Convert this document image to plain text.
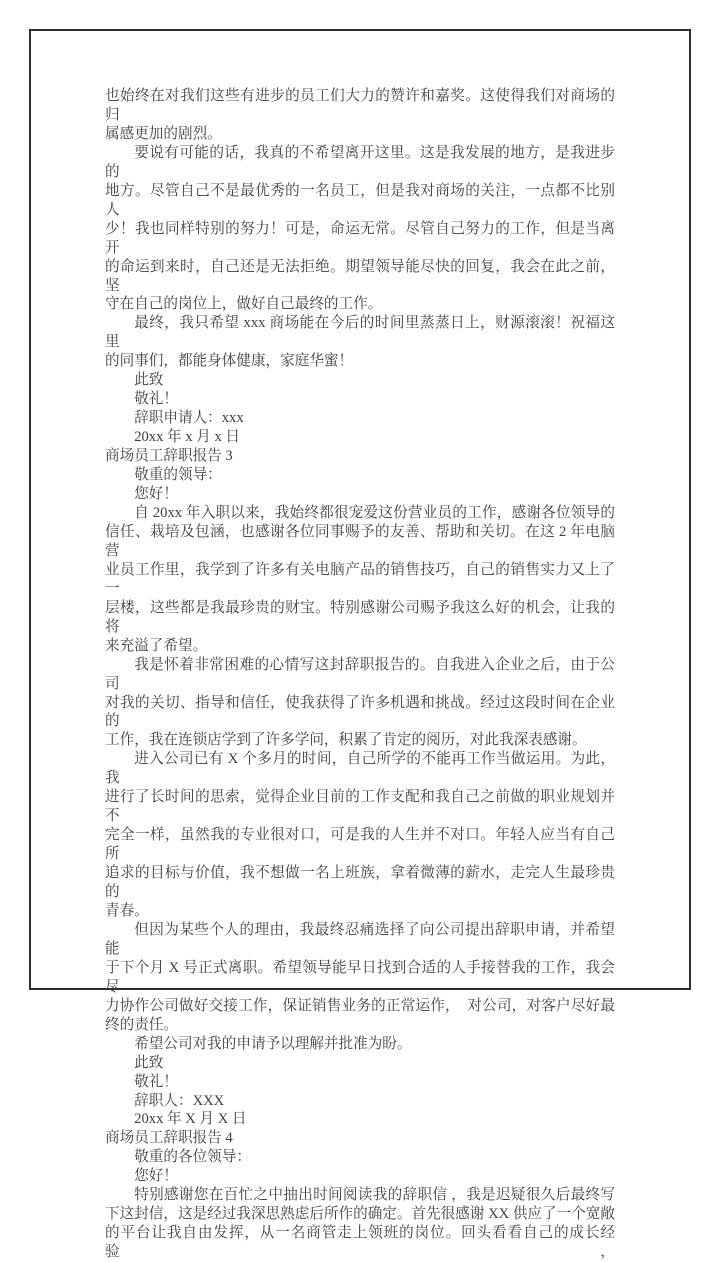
也始终在对我们这些有进步的员工们大力的赞许和嘉奖。这使得我们对商场的归
属感更加的剧烈。
要说有可能的话，我真的不希望离开这里。这是我发展的地方，是我进步的
地方。尽管自己不是最优秀的一名员工，但是我对商场的关注，一点都不比别人
少！我也同样特别的努力！可是，命运无常。尽管自己努力的工作，但是当离开
的命运到来时，自己还是无法拒绝。期望领导能尽快的回复，我会在此之前，坚
守在自己的岗位上，做好自己最终的工作。
最终，我只希望 xxx 商场能在今后的时间里蒸蒸日上，财源滚滚！祝福这里
的同事们，都能身体健康，家庭华蜜！
此致
敬礼！
辞职申请人：xxx
20xx 年 x 月 x 日
商场员工辞职报告 3
敬重的领导：
您好！
自 20xx 年入职以来，我始终都很宠爱这份营业员的工作，感谢各位领导的
信任、栽培及包涵，也感谢各位同事赐予的友善、帮助和关切。在这 2 年电脑营
业员工作里，我学到了许多有关电脑产品的销售技巧，自己的销售实力又上了一
层楼，这些都是我最珍贵的财宝。特别感谢公司赐予我这么好的机会，让我的将
来充溢了希望。
我是怀着非常困难的心情写这封辞职报告的。自我进入企业之后，由于公司
对我的关切、指导和信任，使我获得了许多机遇和挑战。经过这段时间在企业的
工作，我在连锁店学到了许多学问，积累了肯定的阅历，对此我深表感谢。
进入公司已有 X 个多月的时间，自己所学的不能再工作当做运用。为此，我
进行了长时间的思索，觉得企业目前的工作支配和我自己之前做的职业规划并不
完全一样，虽然我的专业很对口，可是我的人生并不对口。年轻人应当有自己所
追求的目标与价值，我不想做一名上班族，拿着微薄的薪水，走完人生最珍贵的
青春。
但因为某些个人的理由，我最终忍痛选择了向公司提出辞职申请，并希望能
于下个月 X 号正式离职。希望领导能早日找到合适的人手接替我的工作，我会尽
力协作公司做好交接工作，保证销售业务的正常运作，　对公司，对客户尽好最
终的责任。
希望公司对我的申请予以理解并批准为盼。
此致
敬礼！
辞职人：XXX
20xx 年 X 月 X 日
商场员工辞职报告 4
敬重的各位领导：
您好！
特别感谢您在百忙之中抽出时间阅读我的辞职信 ，我是迟疑很久后最终写
下这封信，这是经过我深思熟虑后所作的确定。首先很感谢 XX 供应了一个宽敞
的平台让我自由发挥，从一名商管走上领班的岗位。回头看看自己的成长经验，
